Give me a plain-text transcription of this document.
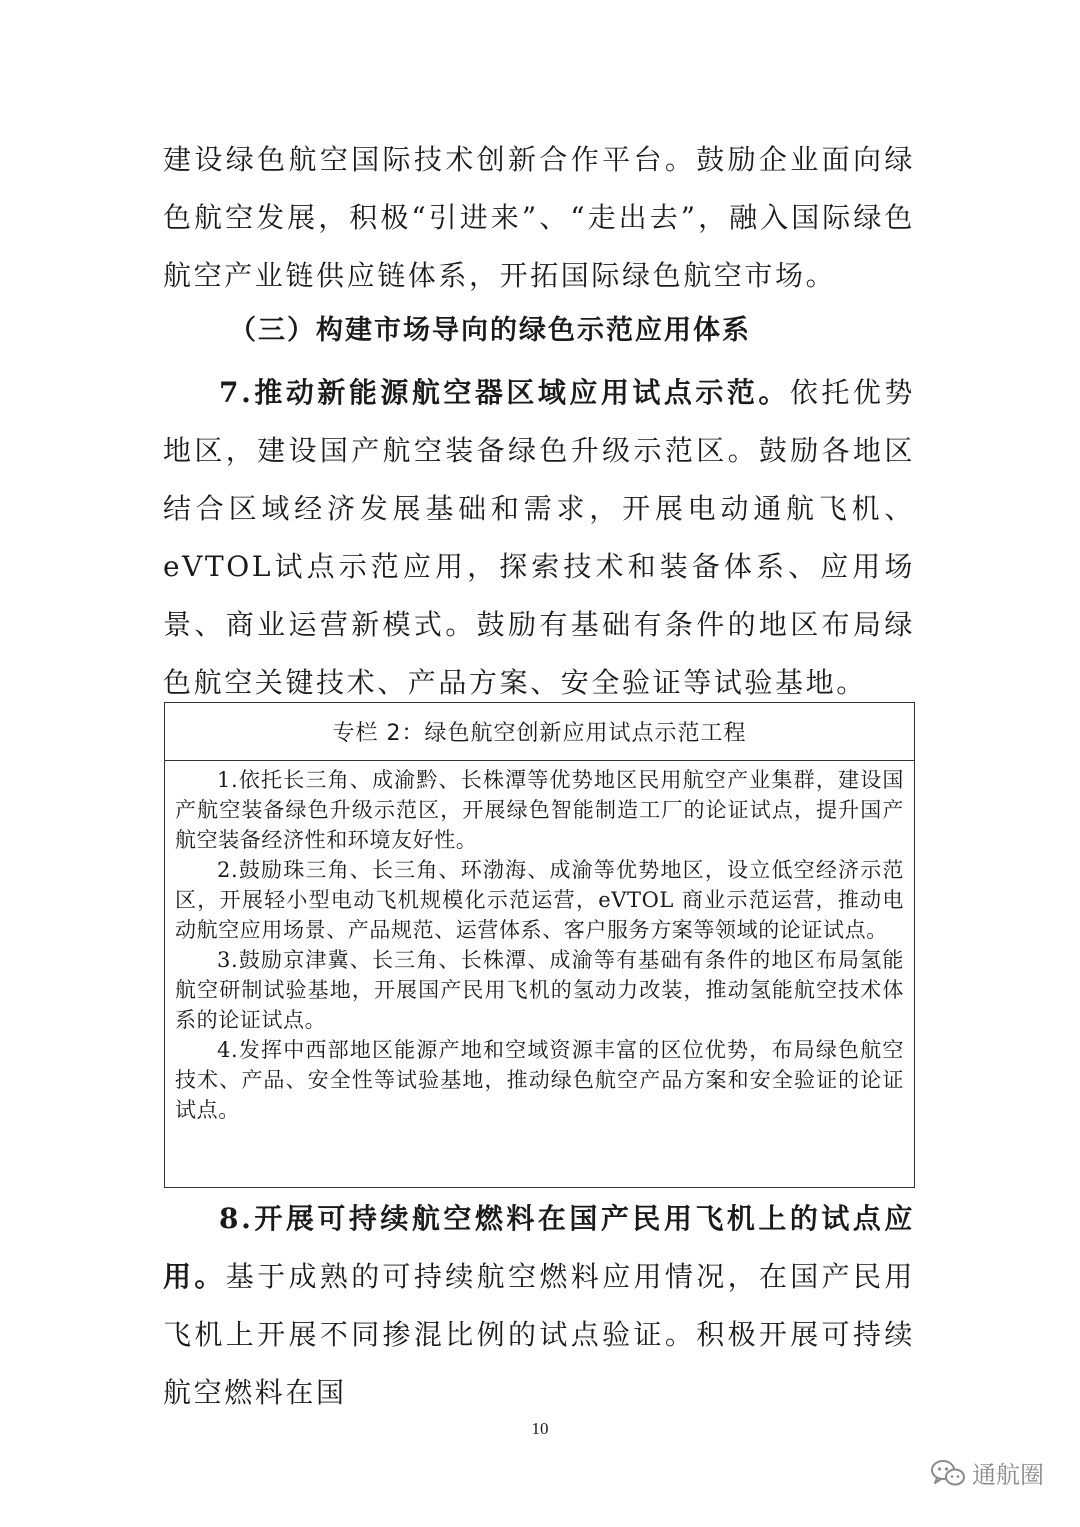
建设绿色航空国际技术创新合作平台。鼓励企业面向绿色航空发展，积极“引进来”、“走出去”，融入国际绿色航空产业链供应链体系，开拓国际绿色航空市场。

（三）构建市场导向的绿色示范应用体系

7.推动新能源航空器区域应用试点示范。依托优势地区，建设国产航空装备绿色升级示范区。鼓励各地区结合区域经济发展基础和需求，开展电动通航飞机、eVTOL试点示范应用，探索技术和装备体系、应用场景、商业运营新模式。鼓励有基础有条件的地区布局绿色航空关键技术、产品方案、安全验证等试验基地。

专栏 2：绿色航空创新应用试点示范工程

1.依托长三角、成渝黔、长株潭等优势地区民用航空产业集群，建设国产航空装备绿色升级示范区，开展绿色智能制造工厂的论证试点，提升国产航空装备经济性和环境友好性。

2.鼓励珠三角、长三角、环渤海、成渝等优势地区，设立低空经济示范区，开展轻小型电动飞机规模化示范运营，eVTOL 商业示范运营，推动电动航空应用场景、产品规范、运营体系、客户服务方案等领域的论证试点。

3.鼓励京津冀、长三角、长株潭、成渝等有基础有条件的地区布局氢能航空研制试验基地，开展国产民用飞机的氢动力改装，推动氢能航空技术体系的论证试点。

4.发挥中西部地区能源产地和空域资源丰富的区位优势，布局绿色航空技术、产品、安全性等试验基地，推动绿色航空产品方案和安全验证的论证试点。

8.开展可持续航空燃料在国产民用飞机上的试点应用。基于成熟的可持续航空燃料应用情况，在国产民用飞机上开展不同掺混比例的试点验证。积极开展可持续航空燃料在国

10
通航圈
